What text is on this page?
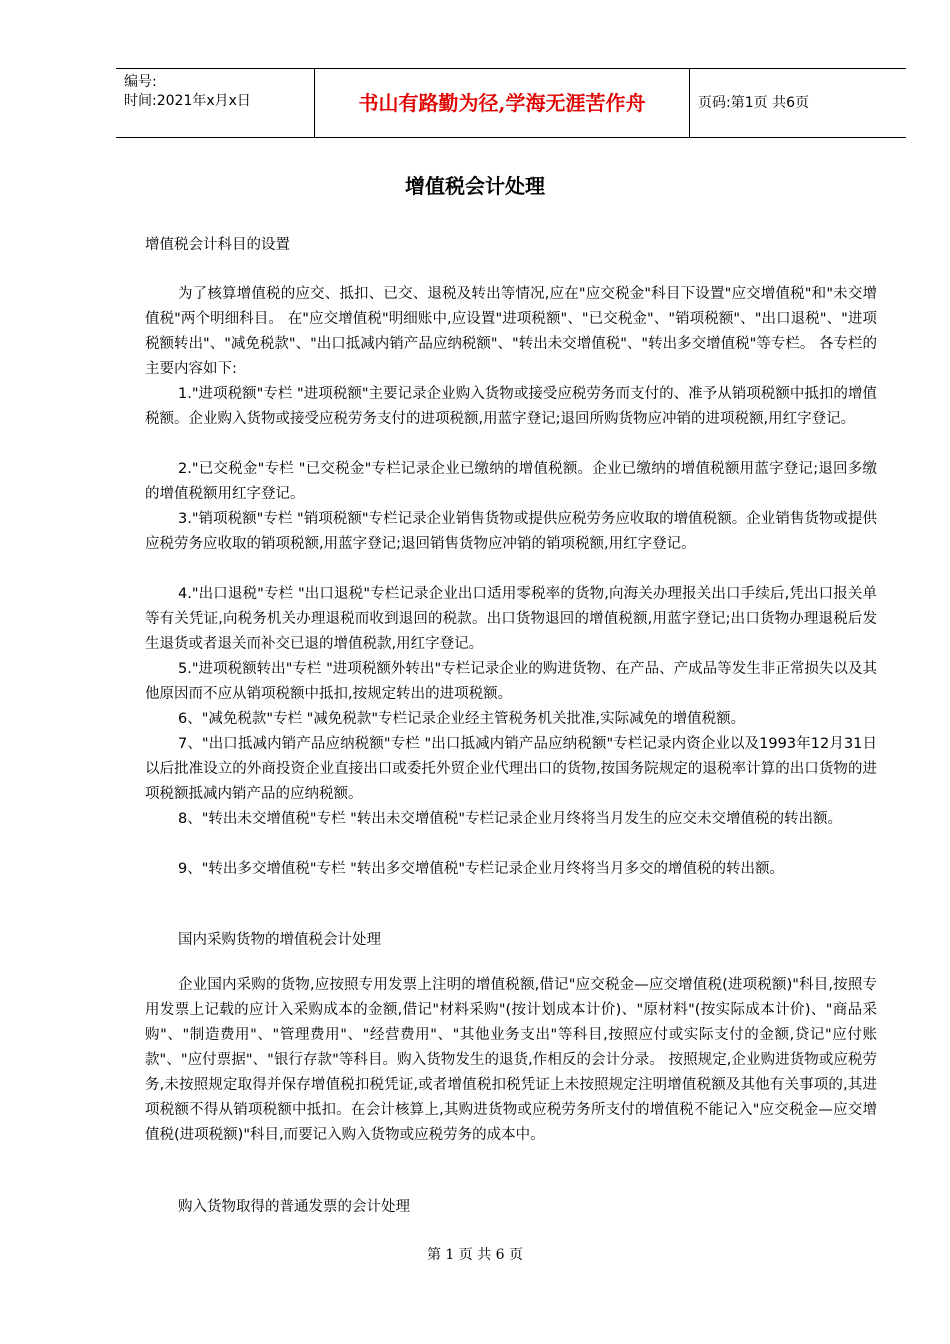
编号:
时间:2021年x月x日	书山有路勤为径,学海无涯苦作舟	页码:第1页 共6页
增值税会计处理
增值税会计科目的设置

为了核算增值税的应交、抵扣、已交、退税及转出等情况,应在"应交税金"科目下设置"应交增值税"和"未交增值税"两个明细科目。 在"应交增值税"明细账中,应设置"进项税额"、"已交税金"、"销项税额"、"出口退税"、"进项税额转出"、"减免税款"、"出口抵减内销产品应纳税额"、"转出未交增值税"、"转出多交增值税"等专栏。 各专栏的主要内容如下:

1."进项税额"专栏 "进项税额"主要记录企业购入货物或接受应税劳务而支付的、准予从销项税额中抵扣的增值税额。企业购入货物或接受应税劳务支付的进项税额,用蓝字登记;退回所购货物应冲销的进项税额,用红字登记。

2."已交税金"专栏 "已交税金"专栏记录企业已缴纳的增值税额。企业已缴纳的增值税额用蓝字登记;退回多缴的增值税额用红字登记。

3."销项税额"专栏 "销项税额"专栏记录企业销售货物或提供应税劳务应收取的增值税额。企业销售货物或提供应税劳务应收取的销项税额,用蓝字登记;退回销售货物应冲销的销项税额,用红字登记。

4."出口退税"专栏 "出口退税"专栏记录企业出口适用零税率的货物,向海关办理报关出口手续后,凭出口报关单等有关凭证,向税务机关办理退税而收到退回的税款。出口货物退回的增值税额,用蓝字登记;出口货物办理退税后发生退货或者退关而补交已退的增值税款,用红字登记。

5."进项税额转出"专栏 "进项税额外转出"专栏记录企业的购进货物、在产品、产成品等发生非正常损失以及其他原因而不应从销项税额中抵扣,按规定转出的进项税额。

6、"减免税款"专栏 "减免税款"专栏记录企业经主管税务机关批准,实际减免的增值税额。

7、"出口抵减内销产品应纳税额"专栏 "出口抵减内销产品应纳税额"专栏记录内资企业以及1993年12月31日以后批准设立的外商投资企业直接出口或委托外贸企业代理出口的货物,按国务院规定的退税率计算的出口货物的进项税额抵减内销产品的应纳税额。

8、"转出未交增值税"专栏 "转出未交增值税"专栏记录企业月终将当月发生的应交未交增值税的转出额。

9、"转出多交增值税"专栏 "转出多交增值税"专栏记录企业月终将当月多交的增值税的转出额。

国内采购货物的增值税会计处理

企业国内采购的货物,应按照专用发票上注明的增值税额,借记"应交税金—应交增值税(进项税额)"科目,按照专用发票上记载的应计入采购成本的金额,借记"材料采购"(按计划成本计价)、"原材料"(按实际成本计价)、"商品采购"、"制造费用"、"管理费用"、"经营费用"、"其他业务支出"等科目,按照应付或实际支付的金额,贷记"应付账款"、"应付票据"、"银行存款"等科目。购入货物发生的退货,作相反的会计分录。 按照规定,企业购进货物或应税劳务,未按照规定取得并保存增值税扣税凭证,或者增值税扣税凭证上未按照规定注明增值税额及其他有关事项的,其进项税额不得从销项税额中抵扣。在会计核算上,其购进货物或应税劳务所支付的增值税不能记入"应交税金—应交增值税(进项税额)"科目,而要记入购入货物或应税劳务的成本中。

购入货物取得的普通发票的会计处理
第 1 页 共 6 页
